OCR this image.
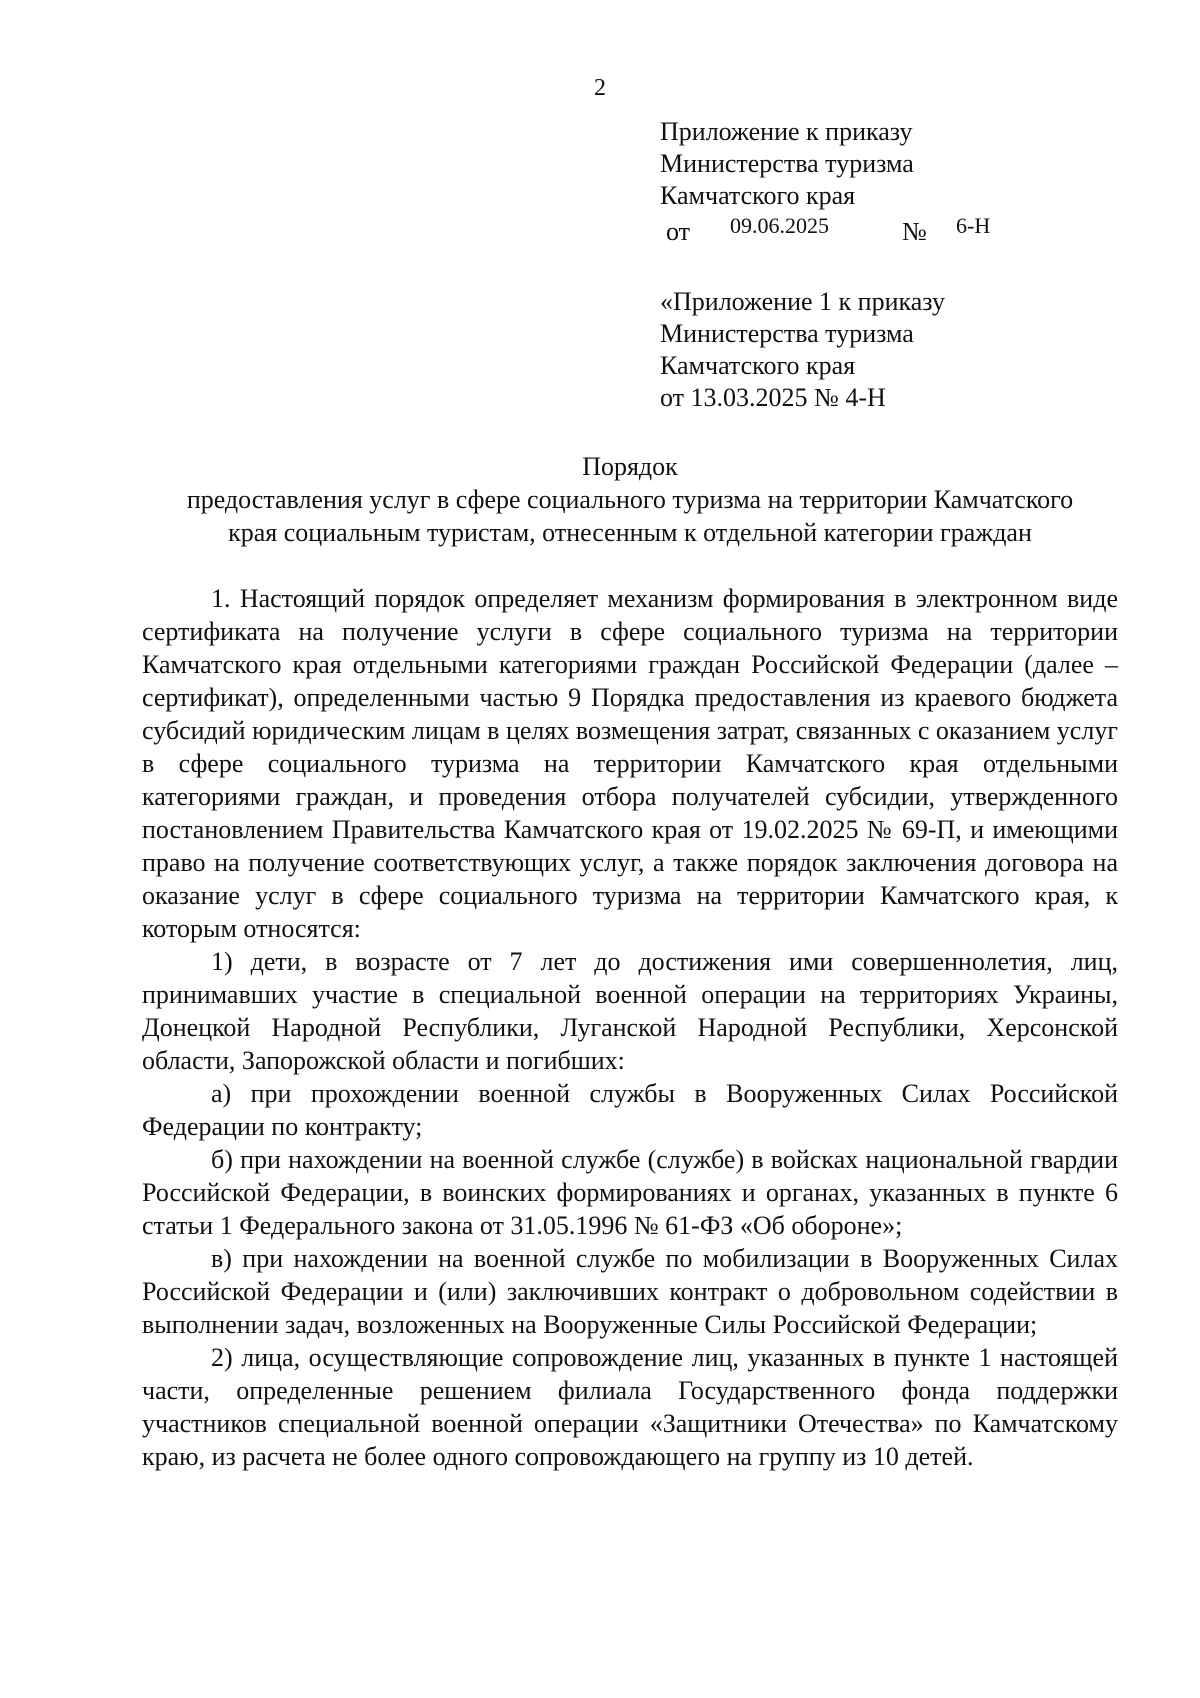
2
Приложение к приказу
Министерства туризма
Камчатского края
от 09.06.2025	№ 6-Н
«Приложение 1 к приказу
Министерства туризма
Камчатского края
от 13.03.2025 № 4-Н
Порядок
предоставления услуг в сфере социального туризма на территории Камчатского
края социальным туристам, отнесенным к отдельной категории граждан

1. Настоящий порядок определяет механизм формирования в электронном виде сертификата на получение услуги в сфере социального туризма на территории Камчатского края отдельными категориями граждан Российской Федерации (далее – сертификат), определенными частью 9 Порядка предоставления из краевого бюджета субсидий юридическим лицам в целях возмещения затрат, связанных с оказанием услуг в сфере социального туризма на территории Камчатского края отдельными категориями граждан, и проведения отбора получателей субсидии, утвержденного постановлением Правительства Камчатского края от 19.02.2025 № 69-П, и имеющими право на получение соответствующих услуг, а также порядок заключения договора на оказание услуг в сфере социального туризма на территории Камчатского края, к которым относятся:

1) дети, в возрасте от 7 лет до достижения ими совершеннолетия, лиц, принимавших участие в специальной военной операции на территориях Украины, Донецкой Народной Республики, Луганской Народной Республики, Херсонской области, Запорожской области и погибших:

а) при прохождении военной службы в Вооруженных Силах Российской Федерации по контракту;

б) при нахождении на военной службе (службе) в войсках национальной гвардии Российской Федерации, в воинских формированиях и органах, указанных в пункте 6 статьи 1 Федерального закона от 31.05.1996 № 61-ФЗ «Об обороне»;

в) при нахождении на военной службе по мобилизации в Вооруженных Силах Российской Федерации и (или) заключивших контракт о добровольном содействии в выполнении задач, возложенных на Вооруженные Силы Российской Федерации;

2) лица, осуществляющие сопровождение лиц, указанных в пункте 1 настоящей части, определенные решением филиала Государственного фонда поддержки участников специальной военной операции «Защитники Отечества» по Камчатскому краю, из расчета не более одного сопровождающего на группу из 10 детей.
